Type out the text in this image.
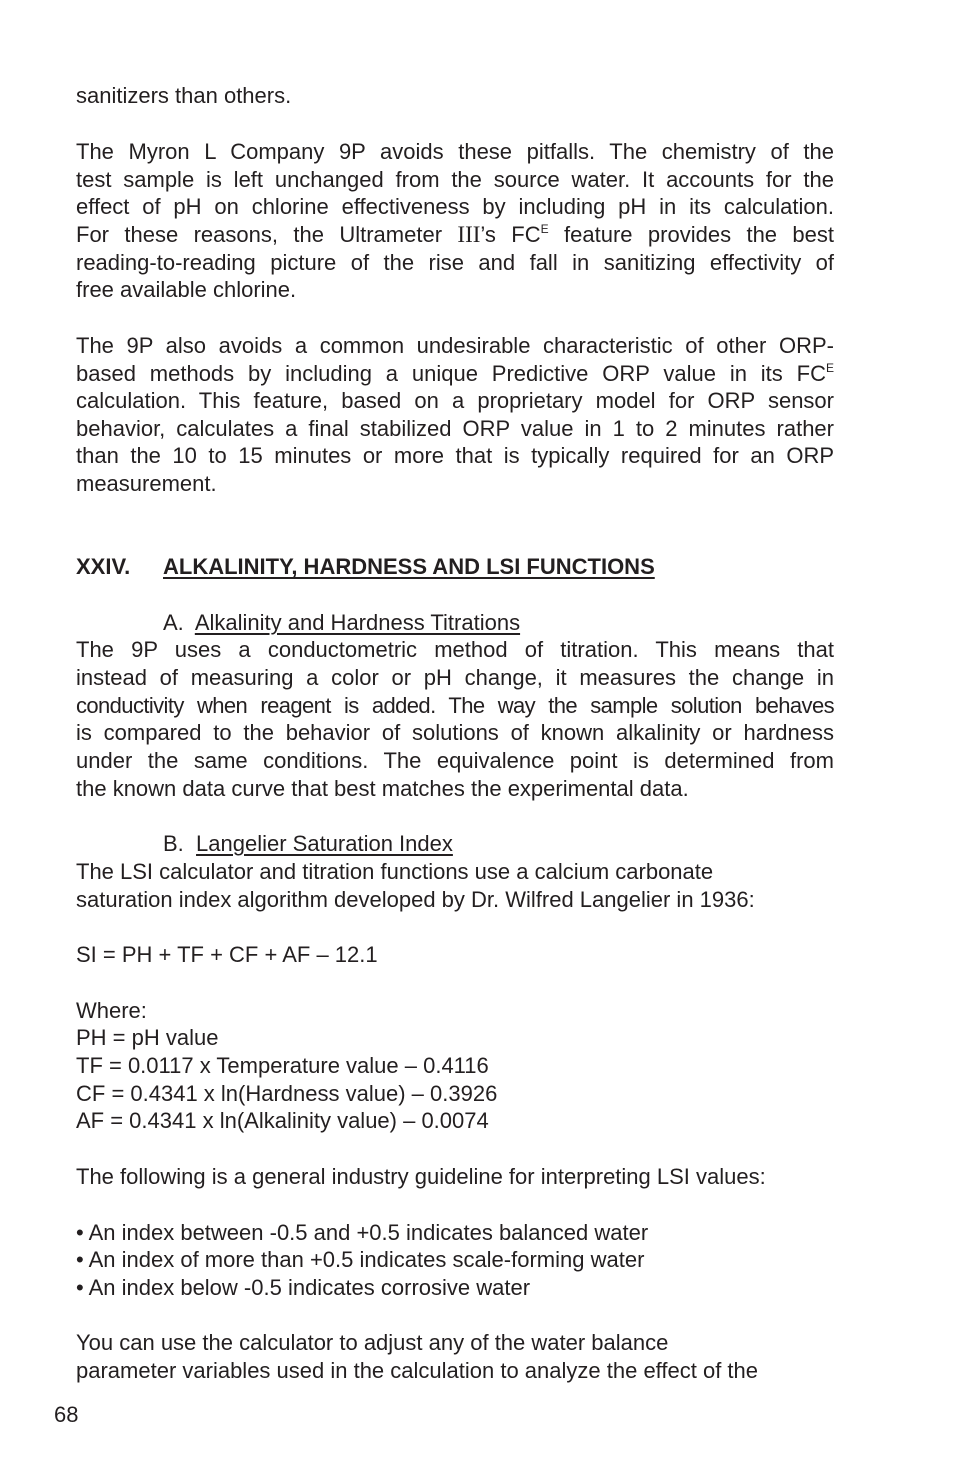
sanitizers than others.
The Myron L Company 9P avoids these pitfalls. The chemistry of the
test sample is left unchanged from the source water. It accounts for the
effect of pH on chlorine effectiveness by including pH in its calculation.
For these reasons, the Ultrameter III’s $FC^E$ feature provides the best
reading-to-reading picture of the rise and fall in sanitizing effectivity of
free available chlorine.
The 9P also avoids a common undesirable characteristic of other ORP-
based methods by including a unique Predictive ORP value in its $FC^E$
calculation. This feature, based on a proprietary model for ORP sensor
behavior, calculates a final stabilized ORP value in 1 to 2 minutes rather
than the 10 to 15 minutes or more that is typically required for an ORP
measurement.
XXIV. ALKALINITY, HARDNESS AND LSI FUNCTIONS
A. Alkalinity and Hardness Titrations
The 9P uses a conductometric method of titration. This means that
instead of measuring a color or pH change, it measures the change in
conductivity when reagent is added. The way the sample solution behaves
is compared to the behavior of solutions of known alkalinity or hardness
under the same conditions. The equivalence point is determined from
the known data curve that best matches the experimental data.
B. Langelier Saturation Index
The LSI calculator and titration functions use a calcium carbonate
saturation index algorithm developed by Dr. Wilfred Langelier in 1936:
SI = PH + TF + CF + AF – 12.1
Where:
PH = pH value
TF = 0.0117 x Temperature value – 0.4116
CF = 0.4341 x ln(Hardness value) – 0.3926
AF = 0.4341 x ln(Alkalinity value) – 0.0074
The following is a general industry guideline for interpreting LSI values:
• An index between -0.5 and +0.5 indicates balanced water
• An index of more than +0.5 indicates scale-forming water
• An index below -0.5 indicates corrosive water
You can use the calculator to adjust any of the water balance
parameter variables used in the calculation to analyze the effect of the
68
